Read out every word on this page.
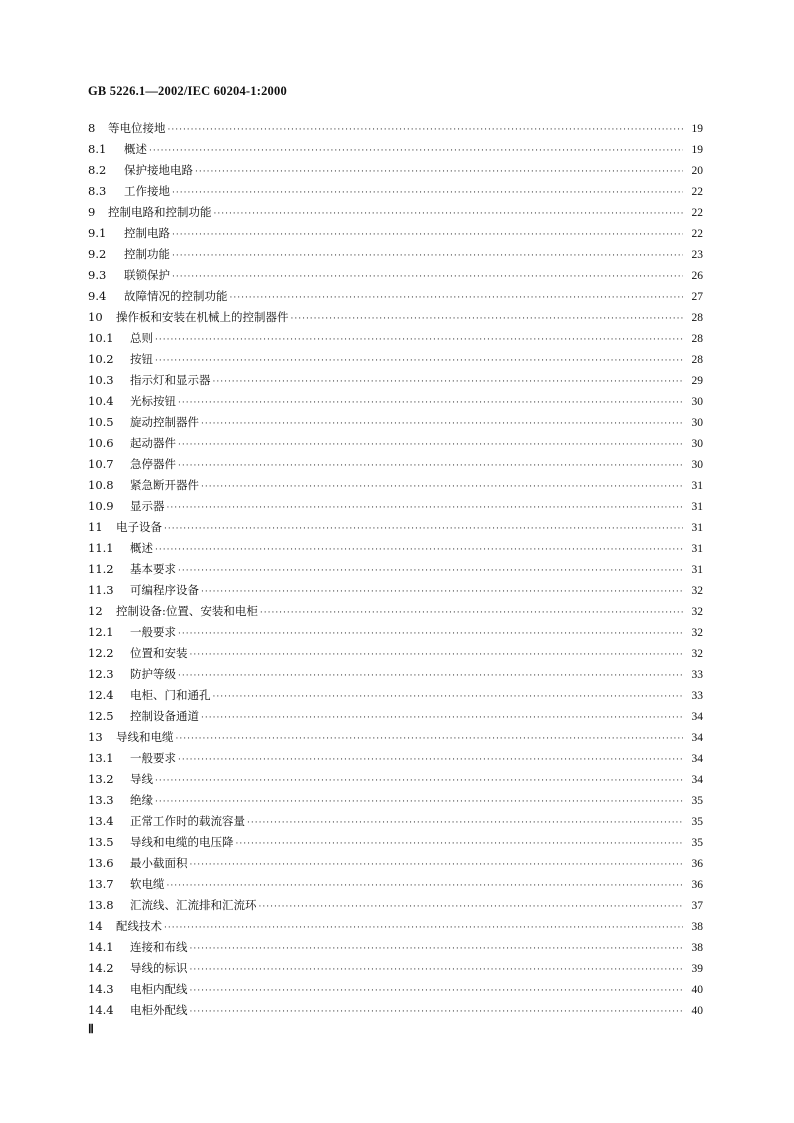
GB 5226.1—2002/IEC 60204-1:2000
8	等电位接地 ·····	19
8.1	概述 ·····	19
8.2	保护接地电路 ·····	20
8.3	工作接地 ·····	22
9	控制电路和控制功能 ·····	22
9.1	控制电路 ·····	22
9.2	控制功能 ·····	23
9.3	联锁保护 ·····	26
9.4	故障情况的控制功能 ·····	27
10	操作板和安装在机械上的控制器件 ·····	28
10.1	总则 ·····	28
10.2	按钮 ·····	28
10.3	指示灯和显示器 ·····	29
10.4	光标按钮 ·····	30
10.5	旋动控制器件 ·····	30
10.6	起动器件 ·····	30
10.7	急停器件 ·····	30
10.8	紧急断开器件 ·····	31
10.9	显示器 ·····	31
11	电子设备 ·····	31
11.1	概述 ·····	31
11.2	基本要求 ·····	31
11.3	可编程序设备 ·····	32
12	控制设备:位置、安装和电柜 ·····	32
12.1	一般要求 ·····	32
12.2	位置和安装 ·····	32
12.3	防护等级 ·····	33
12.4	电柜、门和通孔 ·····	33
12.5	控制设备通道 ·····	34
13	导线和电缆 ·····	34
13.1	一般要求 ·····	34
13.2	导线 ·····	34
13.3	绝缘 ·····	35
13.4	正常工作时的载流容量 ·····	35
13.5	导线和电缆的电压降 ·····	35
13.6	最小截面积 ·····	36
13.7	软电缆 ·····	36
13.8	汇流线、汇流排和汇流环 ·····	37
14	配线技术 ·····	38
14.1	连接和布线 ·····	38
14.2	导线的标识 ·····	39
14.3	电柜内配线 ·····	40
14.4	电柜外配线 ·····	40
Ⅱ
